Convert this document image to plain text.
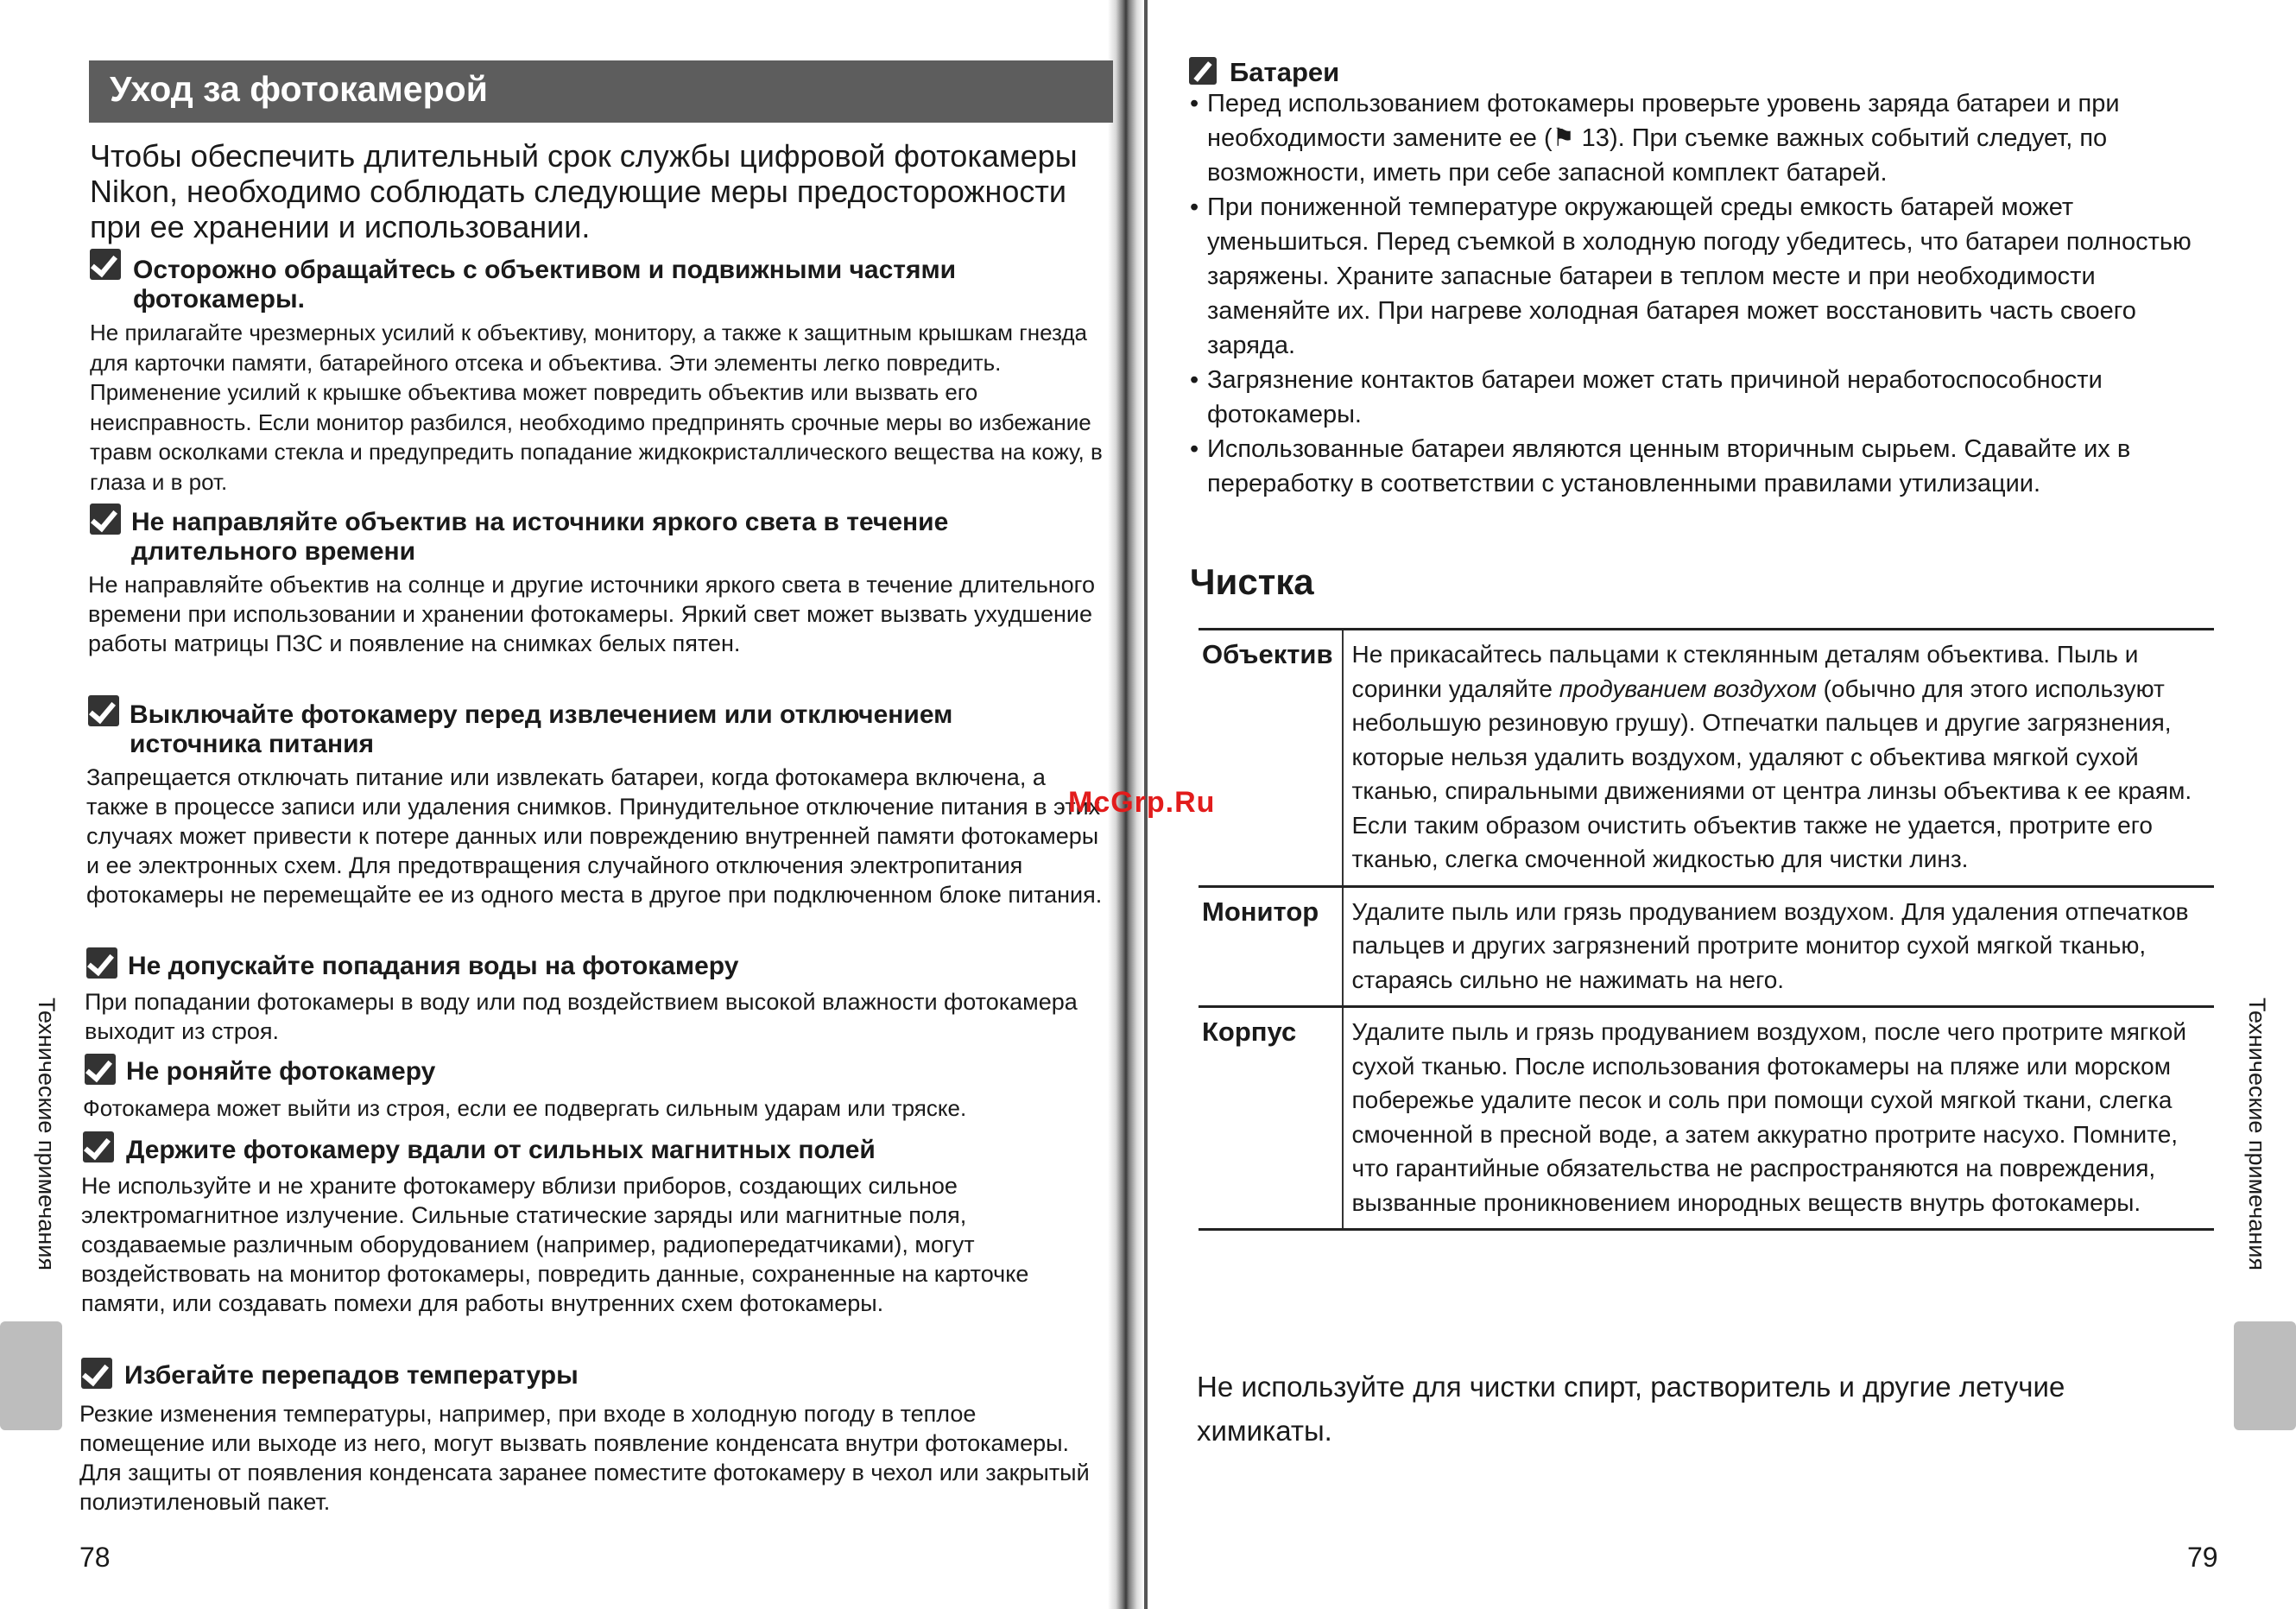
Уход за фотокамерой
Чтобы обеспечить длительный срок службы цифровой фотокамеры Nikon, необходимо соблюдать следующие меры предосторожности при ее хранении и использовании.
Осторожно обращайтесь с объективом и подвижными частями фотокамеры.
Не прилагайте чрезмерных усилий к объективу, монитору, а также к защитным крышкам гнезда для карточки памяти, батарейного отсека и объектива. Эти элементы легко повредить. Применение усилий к крышке объектива может повредить объектив или вызвать его неисправность. Если монитор разбился, необходимо предпринять срочные меры во избежание травм осколками стекла и предупредить попадание жидкокристаллического вещества на кожу, в глаза и в рот.
Не направляйте объектив на источники яркого света в течение длительного времени
Не направляйте объектив на солнце и другие источники яркого света в течение длительного времени при использовании и хранении фотокамеры. Яркий свет может вызвать ухудшение работы матрицы ПЗС и появление на снимках белых пятен.
Выключайте фотокамеру перед извлечением или отключением источника питания
Запрещается отключать питание или извлекать батареи, когда фотокамера включена, а также в процессе записи или удаления снимков. Принудительное отключение питания в этих случаях может привести к потере данных или повреждению внутренней памяти фотокамеры и ее электронных схем. Для предотвращения случайного отключения электропитания фотокамеры не перемещайте ее из одного места в другое при подключенном блоке питания.
Не допускайте попадания воды на фотокамеру
При попадании фотокамеры в воду или под воздействием высокой влажности фотокамера выходит из строя.
Не роняйте фотокамеру
Фотокамера может выйти из строя, если ее подвергать сильным ударам или тряске.
Держите фотокамеру вдали от сильных магнитных полей
Не используйте и не храните фотокамеру вблизи приборов, создающих сильное электромагнитное излучение. Сильные статические заряды или магнитные поля, создаваемые различным оборудованием (например, радиопередатчиками), могут воздействовать на монитор фотокамеры, повредить данные, сохраненные на карточке памяти, или создавать помехи для работы внутренних схем фотокамеры.
Избегайте перепадов температуры
Резкие изменения температуры, например, при входе в холодную погоду в теплое помещение или выходе из него, могут вызвать появление конденсата внутри фотокамеры. Для защиты от появления конденсата заранее поместите фотокамеру в чехол или закрытый полиэтиленовый пакет.
Технические примечания
78
Батареи
• Перед использованием фотокамеры проверьте уровень заряда батареи и при необходимости замените ее (⚑ 13). При съемке важных событий следует, по возможности, иметь при себе запасной комплект батарей.
• При пониженной температуре окружающей среды емкость батарей может уменьшиться. Перед съемкой в холодную погоду убедитесь, что батареи полностью заряжены. Храните запасные батареи в теплом месте и при необходимости заменяйте их. При нагреве холодная батарея может восстановить часть своего заряда.
• Загрязнение контактов батареи может стать причиной неработоспособности фотокамеры.
• Использованные батареи являются ценным вторичным сырьем. Сдавайте их в переработку в соответствии с установленными правилами утилизации.
Чистка
Объектив	Не прикасайтесь пальцами к стеклянным деталям объектива. Пыль и соринки удаляйте продуванием воздухом (обычно для этого используют небольшую резиновую грушу). Отпечатки пальцев и другие загрязнения, которые нельзя удалить воздухом, удаляют с объектива мягкой сухой тканью, спиральными движениями от центра линзы объектива к ее краям. Если таким образом очистить объектив также не удается, протрите его тканью, слегка смоченной жидкостью для чистки линз.
Монитор	Удалите пыль или грязь продуванием воздухом. Для удаления отпечатков пальцев и других загрязнений протрите монитор сухой мягкой тканью, стараясь сильно не нажимать на него.
Корпус	Удалите пыль и грязь продуванием воздухом, после чего протрите мягкой сухой тканью. После использования фотокамеры на пляже или морском побережье удалите песок и соль при помощи сухой мягкой ткани, слегка смоченной в пресной воде, а затем аккуратно протрите насухо. Помните, что гарантийные обязательства не распространяются на повреждения, вызванные проникновением инородных веществ внутрь фотокамеры.
Не используйте для чистки спирт, растворитель и другие летучие химикаты.
Технические примечания
79
McGrp.Ru
